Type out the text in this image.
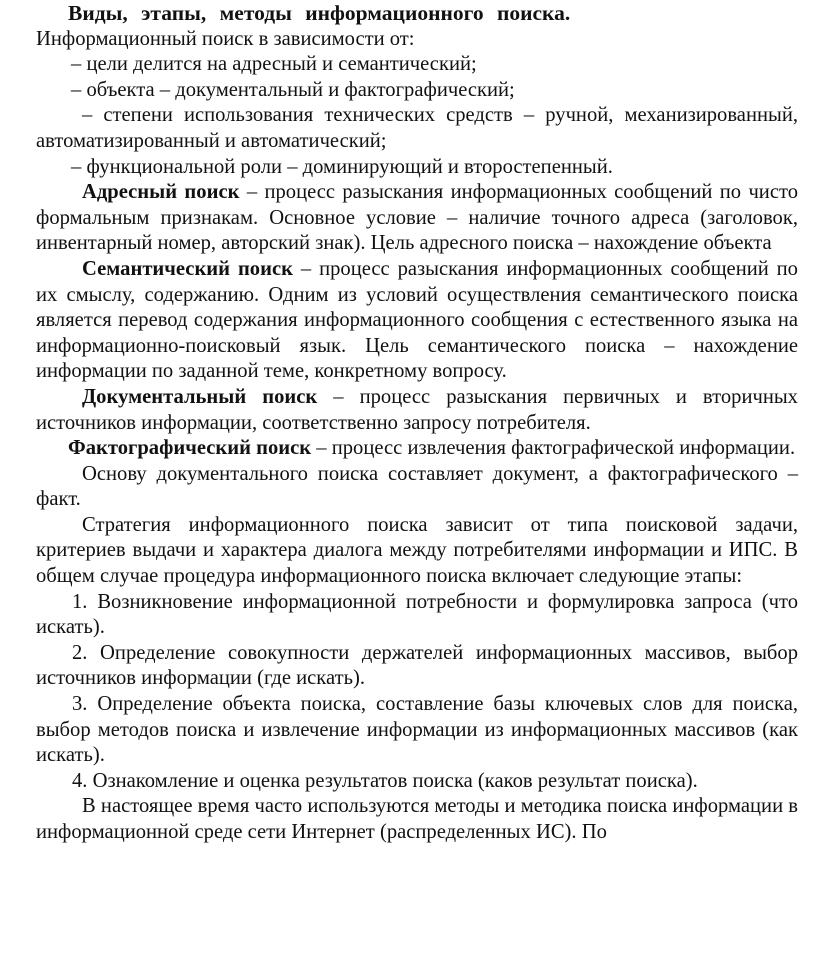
Виды, этапы, методы информационного поиска.

Информационный поиск в зависимости от:

– цели делится на адресный и семантический;

– объекта – документальный и фактографический;

– степени использования технических средств – ручной, механизированный, автоматизированный и автоматический;

– функциональной роли – доминирующий и второстепенный.

Адресный поиск – процесс разыскания информационных сообщений по чисто формальным признакам. Основное условие – наличие точного адреса (заголовок, инвентарный номер, авторский знак). Цель адресного поиска – нахождение объекта

Семантический поиск – процесс разыскания информационных сообщений по их смыслу, содержанию. Одним из условий осуществления семантического поиска является перевод содержания информационного сообщения с естественного языка на информационно-поисковый язык. Цель семантического поиска – нахождение информации по заданной теме, конкретному вопросу.

Документальный поиск – процесс разыскания первичных и вторичных источников информации, соответственно запросу потребителя.

Фактографический поиск – процесс извлечения фактографической информации.

Основу документального поиска составляет документ, а фактографического – факт.

Стратегия информационного поиска зависит от типа поисковой задачи, критериев выдачи и характера диалога между потребителями информации и ИПС. В общем случае процедура информационного поиска включает следующие этапы:

1. Возникновение информационной потребности и формулировка запроса (что искать).

2. Определение совокупности держателей информационных массивов, выбор источников информации (где искать).

3. Определение объекта поиска, составление базы ключевых слов для поиска, выбор методов поиска и извлечение информации из информационных массивов (как искать).

4. Ознакомление и оценка результатов поиска (каков результат поиска).

В настоящее время часто используются методы и методика поиска информации в информационной среде сети Интернет (распределенных ИС). По
